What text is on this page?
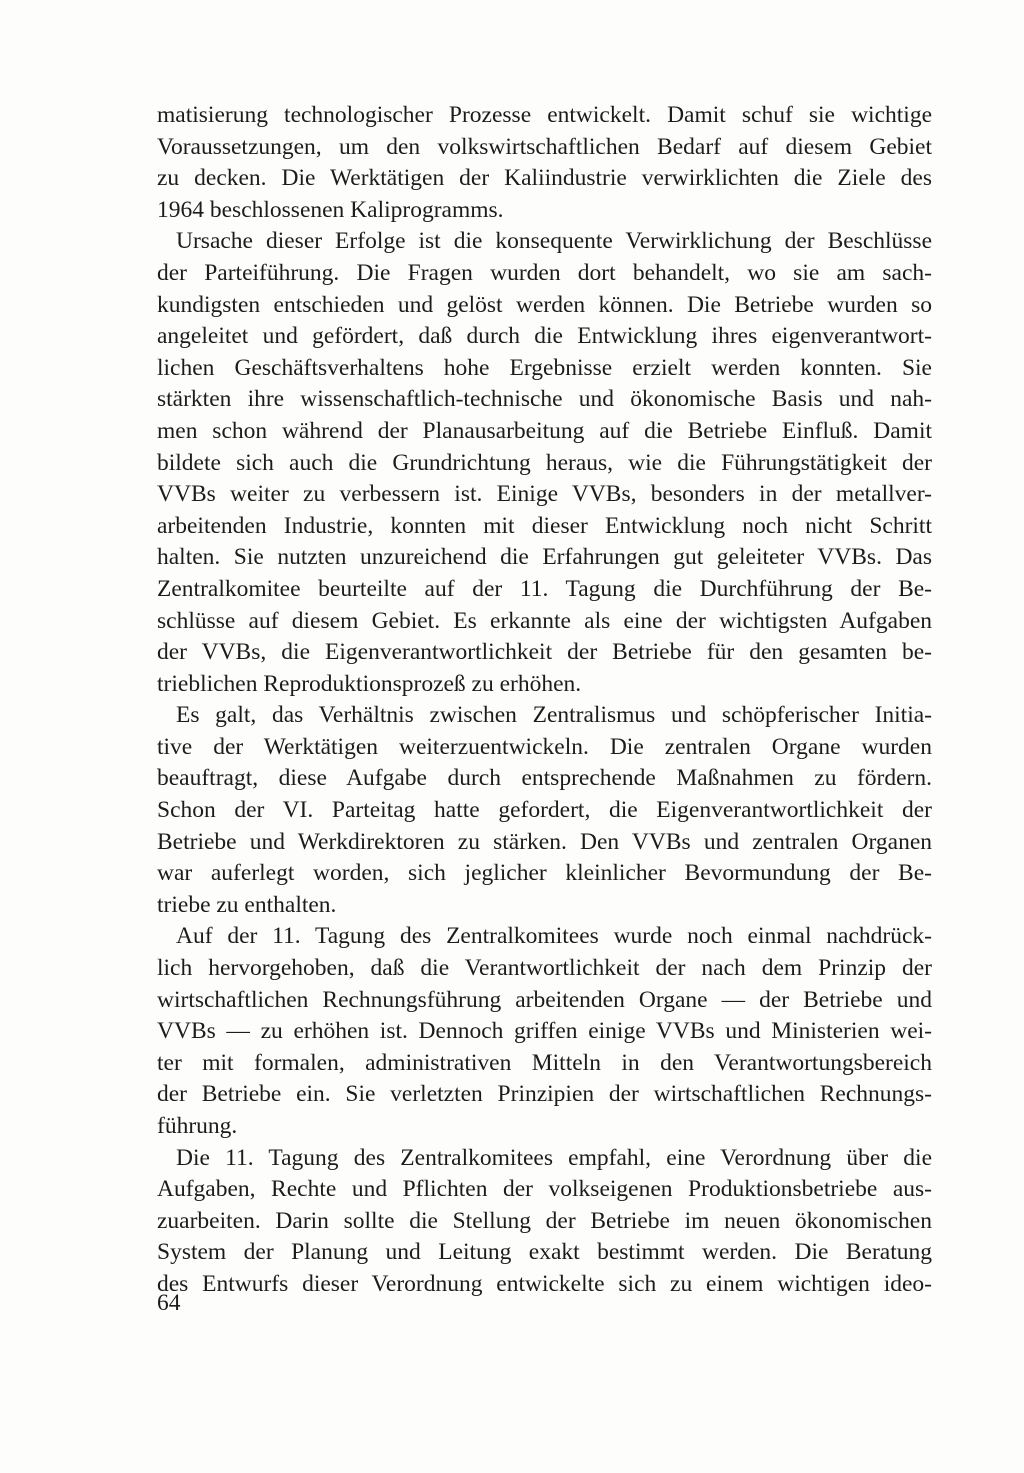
matisierung technologischer Prozesse entwickelt. Damit schuf sie wichtige
Voraussetzungen, um den volkswirtschaftlichen Bedarf auf diesem Gebiet
zu decken. Die Werktätigen der Kaliindustrie verwirklichten die Ziele des
1964 beschlossenen Kaliprogramms.

Ursache dieser Erfolge ist die konsequente Verwirklichung der Beschlüsse
der Parteiführung. Die Fragen wurden dort behandelt, wo sie am sach-
kundigsten entschieden und gelöst werden können. Die Betriebe wurden so
angeleitet und gefördert, daß durch die Entwicklung ihres eigenverantwort-
lichen Geschäftsverhaltens hohe Ergebnisse erzielt werden konnten. Sie
stärkten ihre wissenschaftlich-technische und ökonomische Basis und nah-
men schon während der Planausarbeitung auf die Betriebe Einfluß. Damit
bildete sich auch die Grundrichtung heraus, wie die Führungstätigkeit der
VVBs weiter zu verbessern ist. Einige VVBs, besonders in der metallver-
arbeitenden Industrie, konnten mit dieser Entwicklung noch nicht Schritt
halten. Sie nutzten unzureichend die Erfahrungen gut geleiteter VVBs. Das
Zentralkomitee beurteilte auf der 11. Tagung die Durchführung der Be-
schlüsse auf diesem Gebiet. Es erkannte als eine der wichtigsten Aufgaben
der VVBs, die Eigenverantwortlichkeit der Betriebe für den gesamten be-
trieblichen Reproduktionsprozeß zu erhöhen.

Es galt, das Verhältnis zwischen Zentralismus und schöpferischer Initia-
tive der Werktätigen weiterzuentwickeln. Die zentralen Organe wurden
beauftragt, diese Aufgabe durch entsprechende Maßnahmen zu fördern.
Schon der VI. Parteitag hatte gefordert, die Eigenverantwortlichkeit der
Betriebe und Werkdirektoren zu stärken. Den VVBs und zentralen Organen
war auferlegt worden, sich jeglicher kleinlicher Bevormundung der Be-
triebe zu enthalten.

Auf der 11. Tagung des Zentralkomitees wurde noch einmal nachdrück-
lich hervorgehoben, daß die Verantwortlichkeit der nach dem Prinzip der
wirtschaftlichen Rechnungsführung arbeitenden Organe — der Betriebe und
VVBs — zu erhöhen ist. Dennoch griffen einige VVBs und Ministerien wei-
ter mit formalen, administrativen Mitteln in den Verantwortungsbereich
der Betriebe ein. Sie verletzten Prinzipien der wirtschaftlichen Rechnungs-
führung.

Die 11. Tagung des Zentralkomitees empfahl, eine Verordnung über die
Aufgaben, Rechte und Pflichten der volkseigenen Produktionsbetriebe aus-
zuarbeiten. Darin sollte die Stellung der Betriebe im neuen ökonomischen
System der Planung und Leitung exakt bestimmt werden. Die Beratung
des Entwurfs dieser Verordnung entwickelte sich zu einem wichtigen ideo-

64
